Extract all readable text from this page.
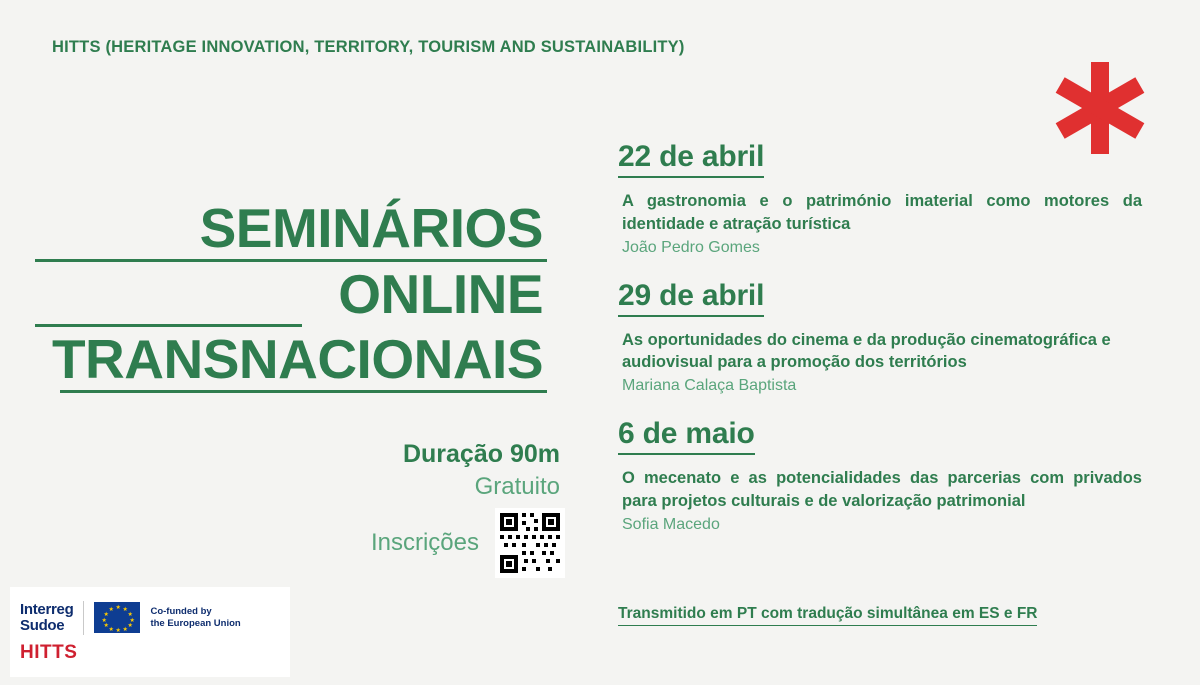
HITTS (HERITAGE INNOVATION, TERRITORY, TOURISM AND SUSTAINABILITY)
SEMINÁRIOS
ONLINE
TRANSNACIONAIS
Duração 90m
Gratuito
Inscrições
22 de abril

A gastronomia e o património imaterial como motores da identidade e atração turística

João Pedro Gomes

29 de abril

As oportunidades do cinema e da produção cinematográfica e audiovisual para a promoção dos territórios

Mariana Calaça Baptista

6 de maio

O mecenato e as potencialidades das parcerias com privados para projetos culturais e de valorização patrimonial

Sofia Macedo

Transmitido em PT com tradução simultânea em ES e FR
Interreg
Sudoe
★ ★
★
★
★
★
★
★
★
★
★
★	Co-funded by
the European Union
HITTS
